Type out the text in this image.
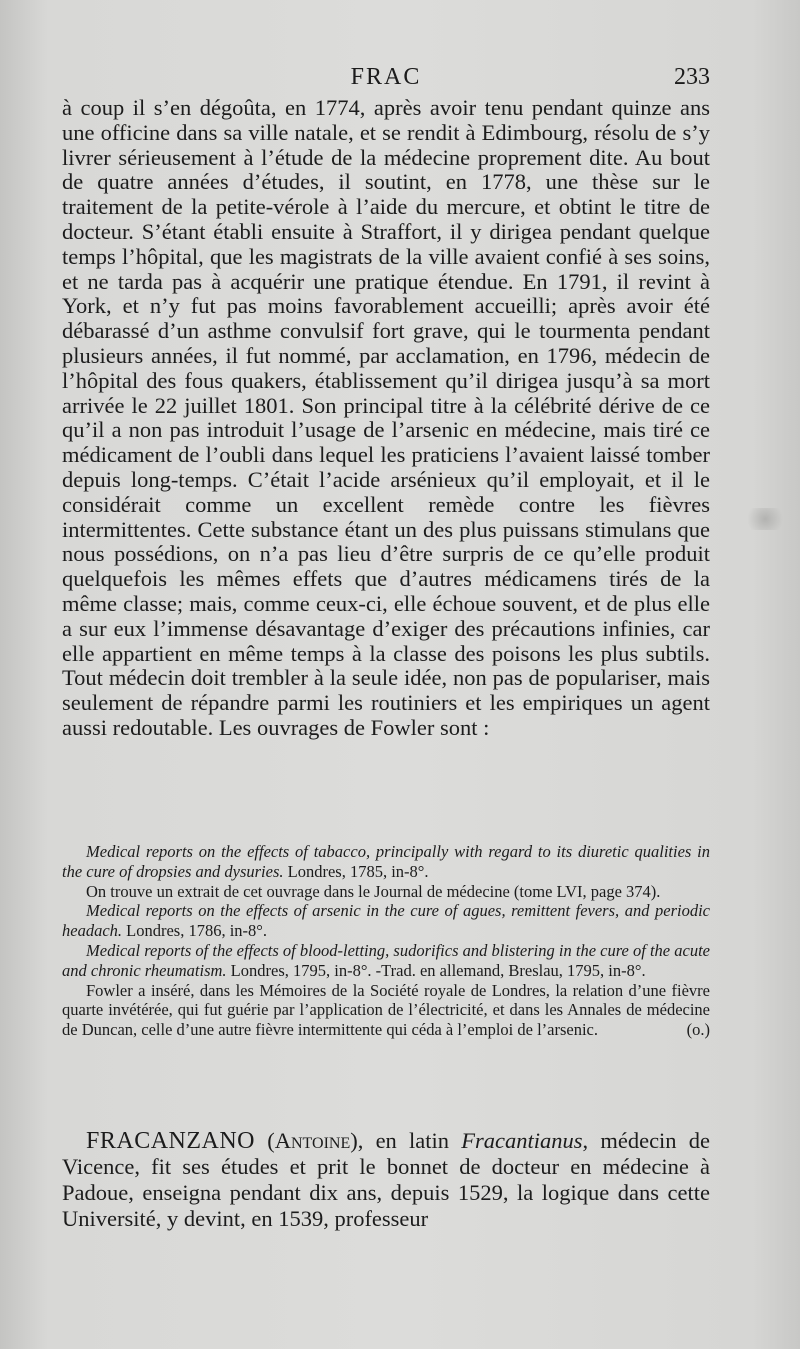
FRAC	233

à coup il s’en dégoûta, en 1774, après avoir tenu pendant quinze ans une officine dans sa ville natale, et se rendit à Edimbourg, résolu de s’y livrer sérieusement à l’étude de la médecine proprement dite. Au bout de quatre années d’études, il soutint, en 1778, une thèse sur le traitement de la petite-vérole à l’aide du mercure, et obtint le titre de docteur. S’étant établi ensuite à Straffort, il y dirigea pendant quelque temps l’hôpital, que les magistrats de la ville avaient confié à ses soins, et ne tarda pas à acquérir une pratique étendue. En 1791, il revint à York, et n’y fut pas moins favorablement accueilli; après avoir été débarassé d’un asthme convulsif fort grave, qui le tourmenta pendant plusieurs années, il fut nommé, par acclamation, en 1796, médecin de l’hôpital des fous quakers, établissement qu’il dirigea jusqu’à sa mort arrivée le 22 juillet 1801. Son principal titre à la célébrité dérive de ce qu’il a non pas introduit l’usage de l’arsenic en médecine, mais tiré ce médicament de l’oubli dans lequel les praticiens l’avaient laissé tomber depuis long-temps. C’était l’acide arsénieux qu’il employait, et il le considérait comme un excellent remède contre les fièvres intermittentes. Cette substance étant un des plus puissans stimulans que nous possédions, on n’a pas lieu d’être surpris de ce qu’elle produit quelquefois les mêmes effets que d’autres médicamens tirés de la même classe; mais, comme ceux-ci, elle échoue souvent, et de plus elle a sur eux l’immense désavantage d’exiger des précautions infinies, car elle appartient en même temps à la classe des poisons les plus subtils. Tout médecin doit trembler à la seule idée, non pas de populariser, mais seulement de répandre parmi les routiniers et les empiriques un agent aussi redoutable. Les ouvrages de Fowler sont :

Medical reports on the effects of tabacco, principally with regard to its diuretic qualities in the cure of dropsies and dysuries. Londres, 1785, in-8°.

On trouve un extrait de cet ouvrage dans le Journal de médecine (tome LVI, page 374).

Medical reports on the effects of arsenic in the cure of agues, remittent fevers, and periodic headach. Londres, 1786, in-8°.

Medical reports of the effects of blood-letting, sudorifics and blistering in the cure of the acute and chronic rheumatism. Londres, 1795, in-8°. -Trad. en allemand, Breslau, 1795, in-8°.

Fowler a inséré, dans les Mémoires de la Société royale de Londres, la relation d’une fièvre quarte invétérée, qui fut guérie par l’application de l’électricité, et dans les Annales de médecine de Duncan, celle d’une autre fièvre intermittente qui céda à l’emploi de l’arsenic.	(o.)

FRACANZANO (Antoine), en latin Fracantianus, médecin de Vicence, fit ses études et prit le bonnet de docteur en médecine à Padoue, enseigna pendant dix ans, depuis 1529, la logique dans cette Université, y devint, en 1539, professeur
